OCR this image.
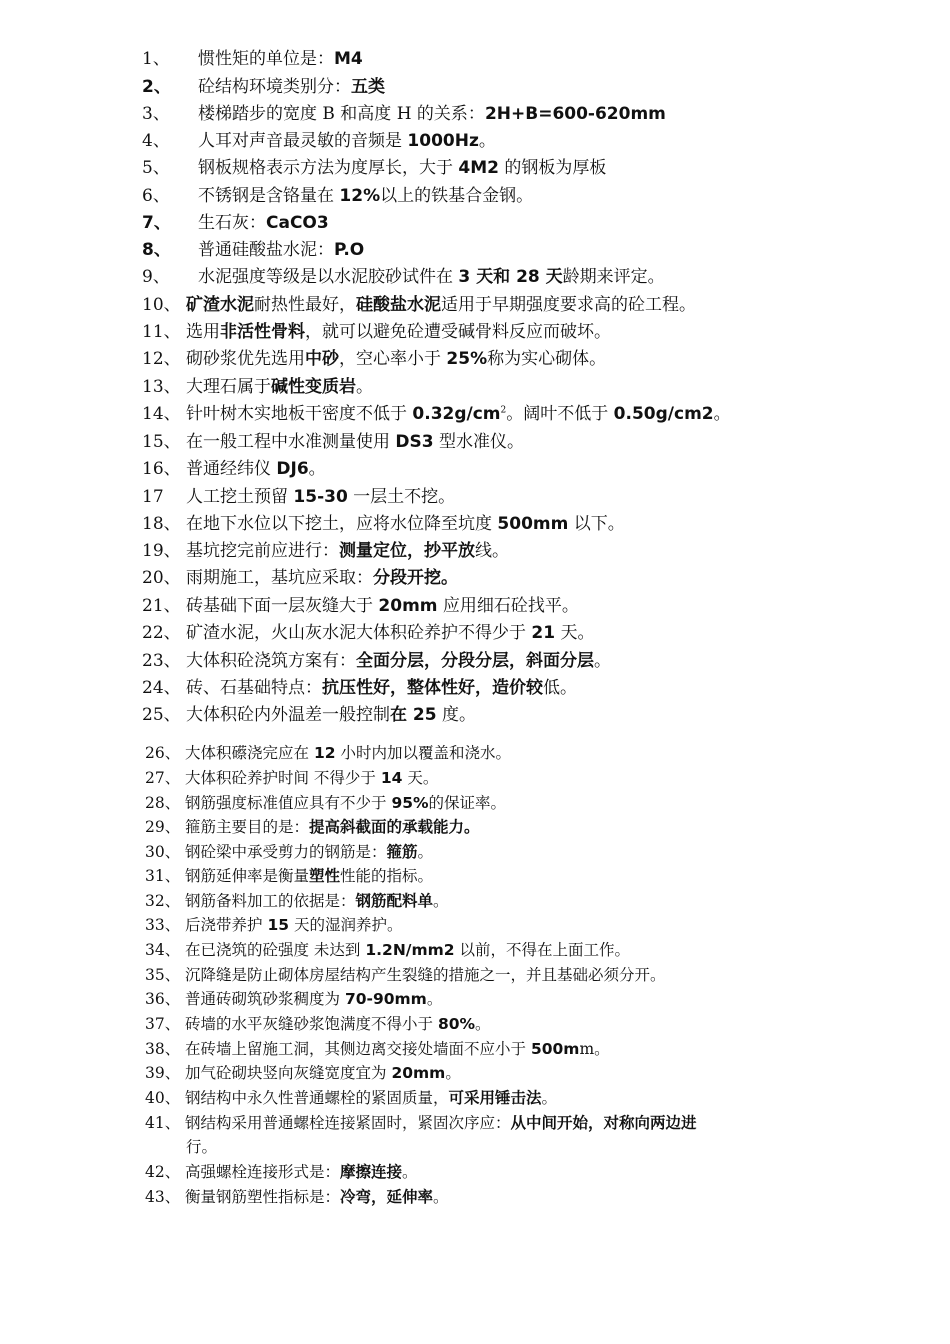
1、	惯性矩的单位是：M4
2、	砼结构环境类别分：五类
3、	楼梯踏步的宽度 B 和高度 H 的关系：2H+B=600-620mm
4、	人耳对声音最灵敏的音频是 1000Hz。
5、	钢板规格表示方法为度厚长，大于 4M2 的钢板为厚板
6、	不锈钢是含铬量在 12%以上的铁基合金钢。
7、	生石灰：CaCO3
8、	普通硅酸盐水泥：P.O
9、	水泥强度等级是以水泥胶砂试件在 3 天和 28 天龄期来评定。
10、 矿渣水泥耐热性最好，硅酸盐水泥适用于早期强度要求高的砼工程。
11、 选用非活性骨料，就可以避免砼遭受碱骨料反应而破坏。
12、 砌砂浆优先选用中砂，空心率小于 25%称为实心砌体。
13、 大理石属于碱性变质岩。
14、 针叶树木实地板干密度不低于 $0.32g/cm^2$。阔叶不低于 0.50g/cm2。
15、 在一般工程中水准测量使用 DS3 型水准仪。
16、 普通经纬仪 DJ6。
17	人工挖土预留 15-30 一层土不挖。
18、 在地下水位以下挖土，应将水位降至坑度 500mm 以下。
19、 基坑挖完前应进行：测量定位，抄平放线。
20、 雨期施工，基坑应采取：分段开挖。
21、 砖基础下面一层灰缝大于 20mm 应用细石砼找平。
22、 矿渣水泥，火山灰水泥大体积砼养护不得少于 21 天。
23、 大体积砼浇筑方案有：全面分层，分段分层，斜面分层。
24、 砖、石基础特点：抗压性好，整体性好，造价较低。
25、 大体积砼内外温差一般控制在 25 度。
26、 大体积礤浇完应在 12 小时内加以覆盖和浇水。
27、 大体积砼养护时间 不得少于 14 天。
28、 钢筋强度标准值应具有不少于 95%的保证率。
29、 箍筋主要目的是：提高斜截面的承载能力。
30、 钢砼梁中承受剪力的钢筋是：箍筋。
31、 钢筋延伸率是衡量塑性性能的指标。
32、 钢筋备料加工的依据是：钢筋配料单。
33、 后浇带养护 15 天的湿润养护。
34、 在已浇筑的砼强度 未达到 1.2N/mm2 以前，不得在上面工作。
35、 沉降缝是防止砌体房屋结构产生裂缝的措施之一，并且基础必须分开。
36、 普通砖砌筑砂浆稠度为 70-90mm。
37、 砖墙的水平灰缝砂浆饱满度不得小于 80%。
38、 在砖墙上留施工洞，其侧边离交接处墙面不应小于 500mm。
39、 加气砼砌块竖向灰缝宽度宜为 20mm。
40、 钢结构中永久性普通螺栓的紧固质量，可采用锤击法。
41、 钢结构采用普通螺栓连接紧固时，紧固次序应：从中间开始，对称向两边进
42、 高强螺栓连接形式是：摩擦连接。
43、 衡量钢筋塑性指标是：冷弯，延伸率。
行。
